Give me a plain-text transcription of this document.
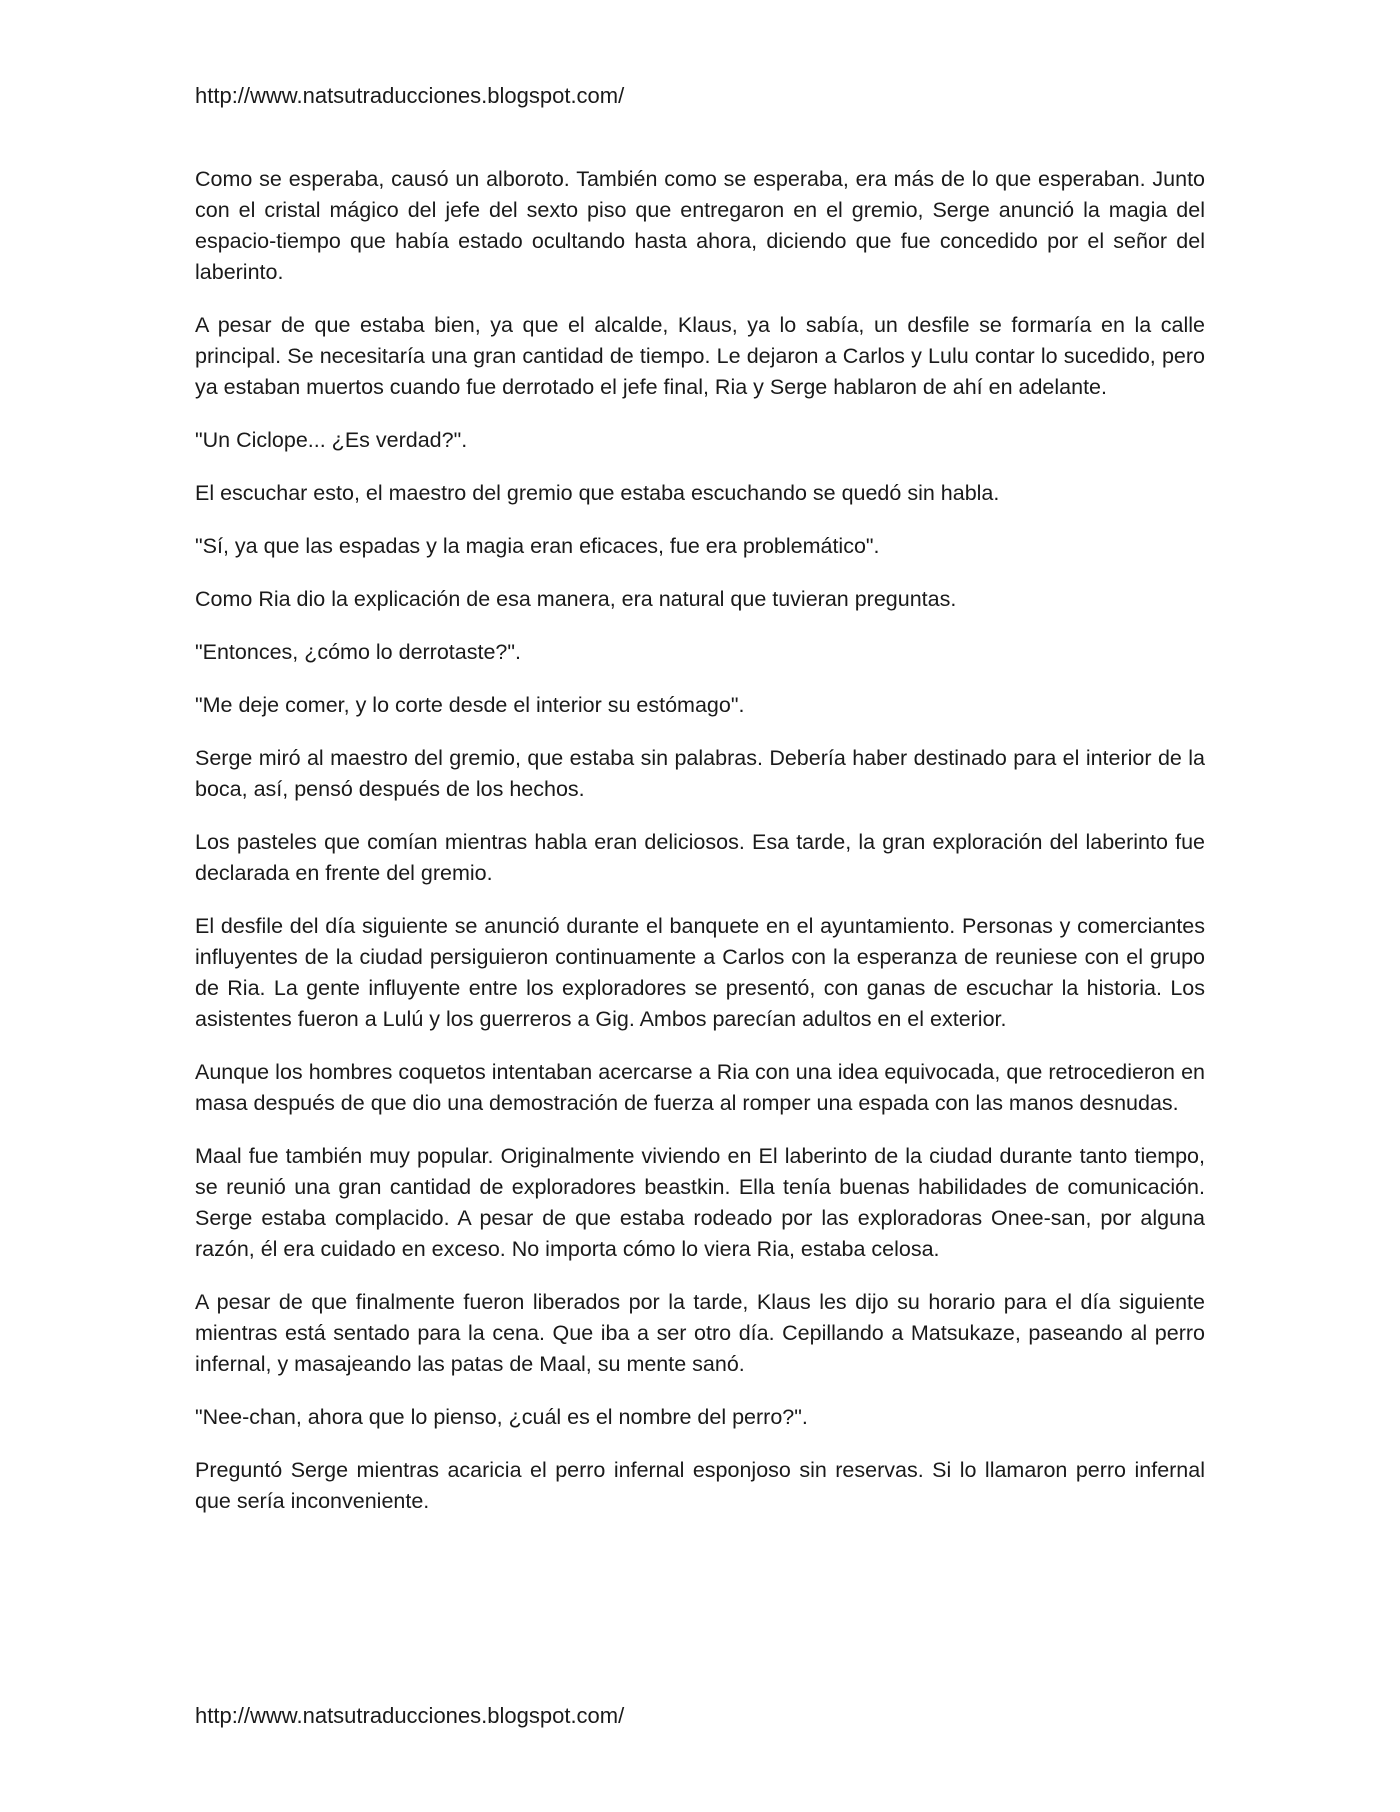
http://www.natsutraducciones.blogspot.com/

Como se esperaba, causó un alboroto. También como se esperaba, era más de lo que esperaban. Junto con el cristal mágico del jefe del sexto piso que entregaron en el gremio, Serge anunció la magia del espacio-tiempo que había estado ocultando hasta ahora, diciendo que fue concedido por el señor del laberinto.

A pesar de que estaba bien, ya que el alcalde, Klaus, ya lo sabía, un desfile se formaría en la calle principal. Se necesitaría una gran cantidad de tiempo. Le dejaron a Carlos y Lulu contar lo sucedido, pero ya estaban muertos cuando fue derrotado el jefe final, Ria y Serge hablaron de ahí en adelante.

"Un Ciclope... ¿Es verdad?".

El escuchar esto, el maestro del gremio que estaba escuchando se quedó sin habla.

"Sí, ya que las espadas y la magia eran eficaces, fue era problemático".

Como Ria dio la explicación de esa manera, era natural que tuvieran preguntas.

"Entonces, ¿cómo lo derrotaste?".

"Me deje comer, y lo corte desde el interior su estómago".

Serge miró al maestro del gremio, que estaba sin palabras. Debería haber destinado para el interior de la boca, así, pensó después de los hechos.

Los pasteles que comían mientras habla eran deliciosos. Esa tarde, la gran exploración del laberinto fue declarada en frente del gremio.

El desfile del día siguiente se anunció durante el banquete en el ayuntamiento. Personas y comerciantes influyentes de la ciudad persiguieron continuamente a Carlos con la esperanza de reuniese con el grupo de Ria. La gente influyente entre los exploradores se presentó, con ganas de escuchar la historia. Los asistentes fueron a Lulú y los guerreros a Gig. Ambos parecían adultos en el exterior.

Aunque los hombres coquetos intentaban acercarse a Ria con una idea equivocada, que retrocedieron en masa después de que dio una demostración de fuerza al romper una espada con las manos desnudas.

Maal fue también muy popular. Originalmente viviendo en El laberinto de la ciudad durante tanto tiempo, se reunió una gran cantidad de exploradores beastkin. Ella tenía buenas habilidades de comunicación. Serge estaba complacido. A pesar de que estaba rodeado por las exploradoras Onee-san, por alguna razón, él era cuidado en exceso. No importa cómo lo viera Ria, estaba celosa.

A pesar de que finalmente fueron liberados por la tarde, Klaus les dijo su horario para el día siguiente mientras está sentado para la cena. Que iba a ser otro día. Cepillando a Matsukaze, paseando al perro infernal, y masajeando las patas de Maal, su mente sanó.

"Nee-chan, ahora que lo pienso, ¿cuál es el nombre del perro?".

Preguntó Serge mientras acaricia el perro infernal esponjoso sin reservas. Si lo llamaron perro infernal que sería inconveniente.

http://www.natsutraducciones.blogspot.com/
